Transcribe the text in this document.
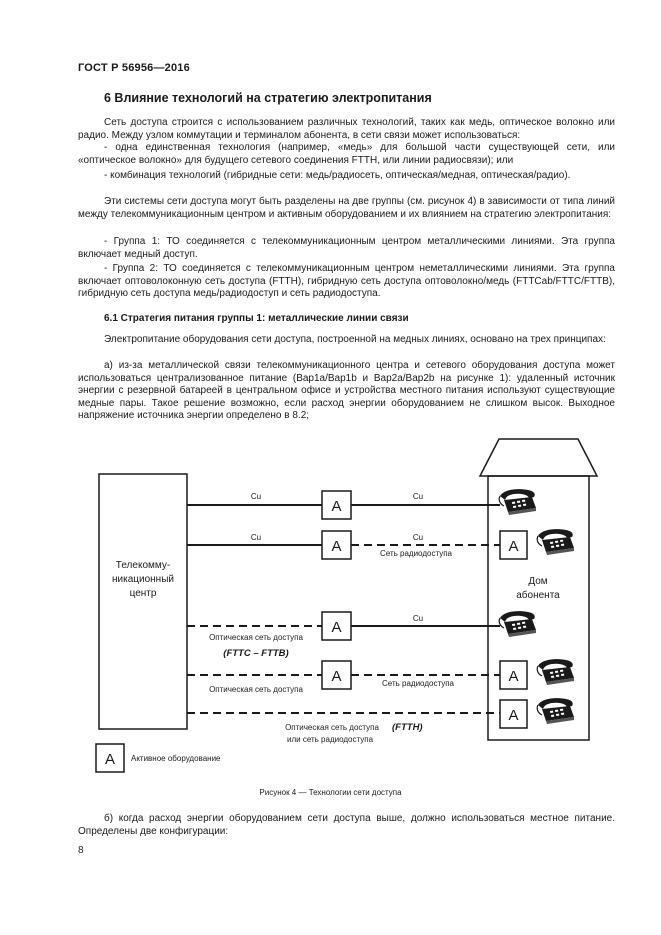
ГОСТ Р 56956—2016
6 Влияние технологий на стратегию электропитания
Сеть доступа строится с использованием различных технологий, таких как медь, оптическое волокно или радио. Между узлом коммутации и терминалом абонента, в сети связи может использоваться:
- одна единственная технология (например, «медь» для большой части существующей сети, или «оптическое волокно» для будущего сетевого соединения FTTH, или линии радиосвязи); или
- комбинация технологий (гибридные сети: медь/радиосеть, оптическая/медная, оптическая/радио).
Эти системы сети доступа могут быть разделены на две группы (см. рисунок 4) в зависимости от типа линий между телекоммуникационным центром и активным оборудованием и их влиянием на стратегию электропитания:
- Группа 1: ТО соединяется с телекоммуникационным центром металлическими линиями. Эта группа включает медный доступ.
- Группа 2: ТО соединяется с телекоммуникационным центром неметаллическими линиями. Эта группа включает оптоволоконную сеть доступа (FTTH), гибридную сеть доступа оптоволокно/медь (FTTCab/FTTC/FTTB), гибридную сеть доступа медь/радиодоступ и сеть радиодоступа.
6.1 Стратегия питания группы 1: металлические линии связи
Электропитание оборудования сети доступа, построенной на медных линиях, основано на трех принципах:
а) из-за металлической связи телекоммуникационного центра и сетевого оборудования доступа может использоваться централизованное питание (Bap1a/Bap1b и Bap2a/Bap2b на рисунке 1): удаленный источник энергии с резервной батареей в центральном офисе и устройства местного питания используют существующие медные пары. Такое решение возможно, если расход энергии оборудованием не слишком высок. Выходное напряжение источника энергии определено в 8.2;
Телекомму-
никационный
центр
Дом
абонента
Cu	Cu
A
Cu	Cu
Сеть радиодоступа
A	A
Cu
Оптическая сеть доступа
(FTTC – FTTB)
A
Оптическая сеть доступа
Сеть радиодоступа
A	A
Оптическая сеть доступа (FTTH)
или сеть радиодоступа
A
A Активное оборудование
Рисунок 4 — Технологии сети доступа
б) когда расход энергии оборудованием сети доступа выше, должно использоваться местное питание. Определены две конфигурации:
8
